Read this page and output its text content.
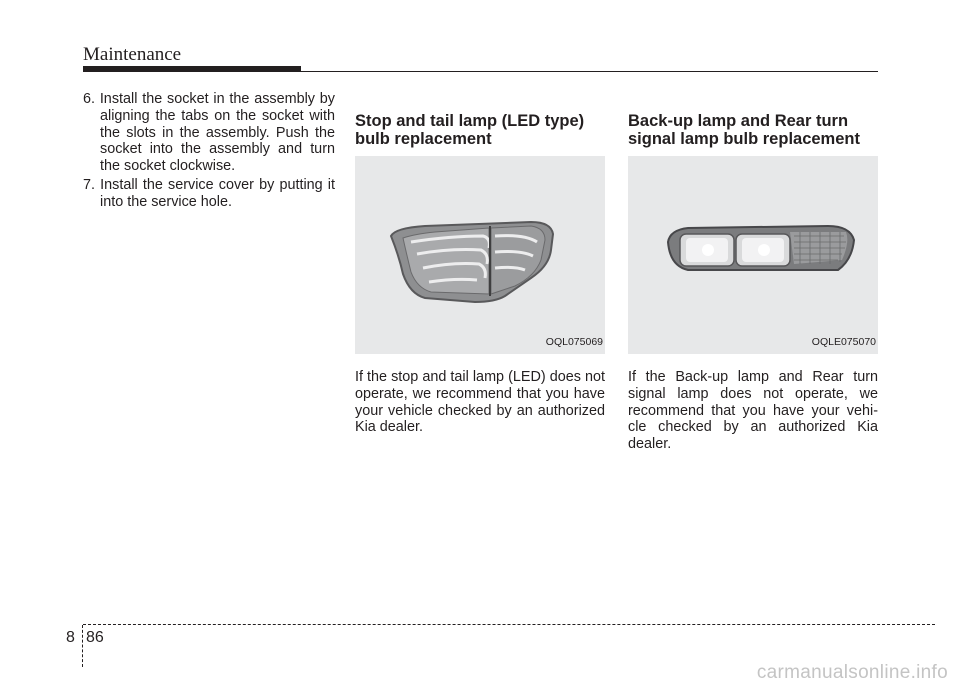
Maintenance
6. Install the socket in the assembly by aligning the tabs on the socket with the slots in the assembly. Push the socket into the assembly and turn the socket clockwise.
7. Install the service cover by putting it into the service hole.
Stop and tail lamp (LED type) bulb replacement
OQL075069

If the stop and tail lamp (LED) does not operate, we recommend that you have your vehicle checked by an authorized Kia dealer.

Back-up lamp and Rear turn signal lamp bulb replacement
OQLE075070

If the Back-up lamp and Rear turn signal lamp does not operate, we recommend that you have your vehi-cle checked by an authorized Kia dealer.

8 86
carmanualsonline.info
